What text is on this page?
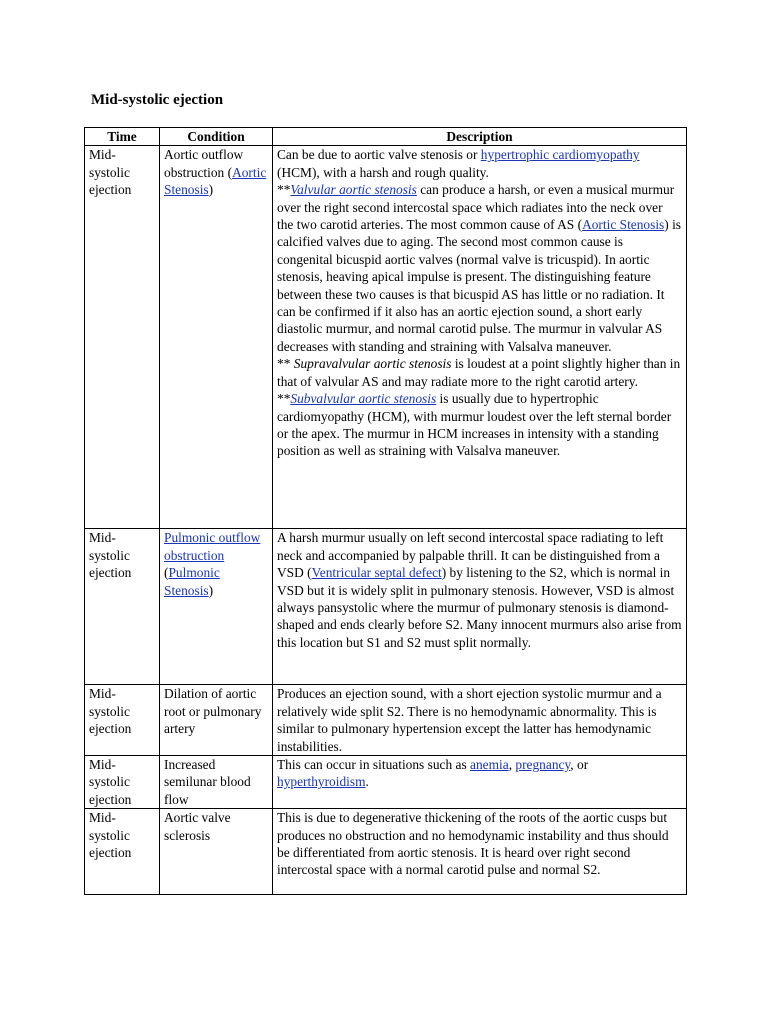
Mid-systolic ejection
Time	Condition	Description
Mid-systolic ejection	Aortic outflow obstruction (Aortic Stenosis)	Can be due to aortic valve stenosis or hypertrophic cardiomyopathy (HCM), with a harsh and rough quality.
**Valvular aortic stenosis can produce a harsh, or even a musical murmur over the right second intercostal space which radiates into the neck over the two carotid arteries. The most common cause of AS (Aortic Stenosis) is calcified valves due to aging. The second most common cause is congenital bicuspid aortic valves (normal valve is tricuspid). In aortic stenosis, heaving apical impulse is present. The distinguishing feature between these two causes is that bicuspid AS has little or no radiation. It can be confirmed if it also has an aortic ejection sound, a short early diastolic murmur, and normal carotid pulse. The murmur in valvular AS decreases with standing and straining with Valsalva maneuver.
** Supravalvular aortic stenosis is loudest at a point slightly higher than in that of valvular AS and may radiate more to the right carotid artery.
**Subvalvular aortic stenosis is usually due to hypertrophic cardiomyopathy (HCM), with murmur loudest over the left sternal border or the apex. The murmur in HCM increases in intensity with a standing position as well as straining with Valsalva maneuver.
Mid-systolic ejection	Pulmonic outflow obstruction (Pulmonic Stenosis)	A harsh murmur usually on left second intercostal space radiating to left neck and accompanied by palpable thrill. It can be distinguished from a VSD (Ventricular septal defect) by listening to the S2, which is normal in VSD but it is widely split in pulmonary stenosis. However, VSD is almost always pansystolic where the murmur of pulmonary stenosis is diamond-shaped and ends clearly before S2. Many innocent murmurs also arise from this location but S1 and S2 must split normally.
Mid-systolic ejection	Dilation of aortic root or pulmonary artery	Produces an ejection sound, with a short ejection systolic murmur and a relatively wide split S2. There is no hemodynamic abnormality. This is similar to pulmonary hypertension except the latter has hemodynamic instabilities.
Mid-systolic ejection	Increased semilunar blood flow	This can occur in situations such as anemia, pregnancy, or hyperthyroidism.
Mid-systolic ejection	Aortic valve sclerosis	This is due to degenerative thickening of the roots of the aortic cusps but produces no obstruction and no hemodynamic instability and thus should be differentiated from aortic stenosis. It is heard over right second intercostal space with a normal carotid pulse and normal S2.
